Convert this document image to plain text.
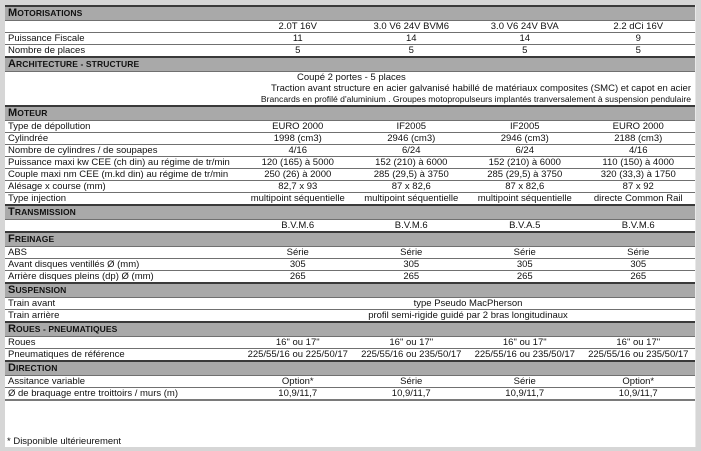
MOTORISATIONS				
	2.0T 16V	3.0 V6 24V BVM6	3.0 V6 24V BVA	2.2 dCi 16V
Puissance Fiscale	11	14	14	9
Nombre de places	5	5	5	5
ARCHITECTURE - STRUCTURE				
	Coupé 2 portes - 5 places			
Traction avant structure en acier galvanisé habillé de matériaux composites (SMC) et capot en acier				
Brancards en profilé d'aluminium . Groupes motopropulseurs implantés tranversalement à suspension pendulaire				
MOTEUR				
Type de dépollution	EURO 2000	IF2005	IF2005	EURO 2000
Cylindrée	1998 (cm3)	2946 (cm3)	2946 (cm3)	2188 (cm3)
Nombre de cylindres / de soupapes	4/16	6/24	6/24	4/16
Puissance maxi kw CEE (ch din) au régime de tr/min	120 (165) à 5000	152 (210) à 6000	152 (210) à 6000	110 (150) à 4000
Couple maxi nm CEE (m.kd din) au régime de tr/min	250 (26) à 2000	285 (29,5) à 3750	285 (29,5) à 3750	320 (33,3) à 1750
Alésage x course (mm)	82,7 x 93	87 x 82,6	87 x 82,6	87 x 92
Type injection	multipoint séquentielle	multipoint séquentielle	multipoint séquentielle	directe Common Rail
TRANSMISSION				
	B.V.M.6	B.V.M.6	B.V.A.5	B.V.M.6
FREINAGE				
ABS	Série	Série	Série	Série
Avant disques ventillés Ø (mm)	305	305	305	305
Arrière disques pleins (dp) Ø (mm)	265	265	265	265
SUSPENSION				
Train avant	type Pseudo MacPherson			
Train arrière	profil semi-rigide guidé par 2 bras longitudinaux			
ROUES - PNEUMATIQUES				
Roues	16" ou 17"	16" ou 17"	16" ou 17"	16" ou 17"
Pneumatiques de référence	225/55/16 ou 225/50/17	225/55/16 ou 235/50/17	225/55/16 ou 235/50/17	225/55/16 ou 235/50/17
DIRECTION				
Assitance variable	Option*	Série	Série	Option*
Ø de braquage entre troittoirs / murs (m)	10,9/11,7	10,9/11,7	10,9/11,7	10,9/11,7
* Disponible ultérieurement
